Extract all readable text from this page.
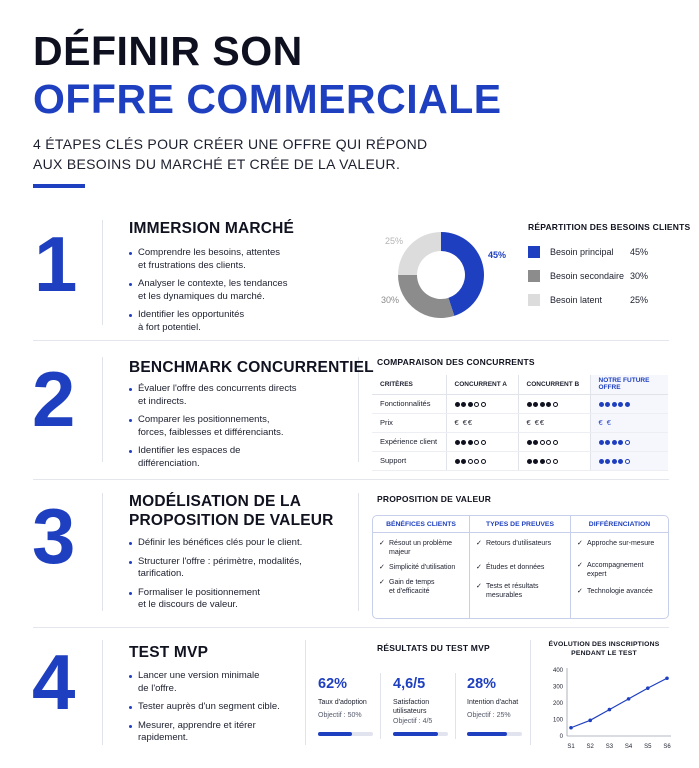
DÉFINIR SON
OFFRE COMMERCIALE
4 ÉTAPES CLÉS POUR CRÉER UNE OFFRE QUI RÉPOND
AUX BESOINS DU MARCHÉ ET CRÉE DE LA VALEUR.
1	IMMERSION MARCHÉ
Comprendre les besoins, attentes
et frustrations des clients.
Analyser le contexte, les tendances
et les dynamiques du marché.
Identifier les opportunités
à fort potentiel.
45%
30%
25%
RÉPARTITION DES BESOINS CLIENTS
Besoin principal 45%
Besoin secondaire 30%
Besoin latent	25%
2	BENCHMARK CONCURRENTIEL
Évaluer l'offre des concurrents directs
et indirects.
Comparer les positionnements,
forces, faiblesses et différenciants.
Identifier les espaces de
différenciation.
COMPARAISON DES CONCURRENTS
CRITÈRES	CONCURRENT A	CONCURRENT B	NOTRE FUTURE OFFRE
Fonctionnalités			
Prix	€ €€	€ €€	€ €
Expérience client			
Support			
3	MODÉLISATION DE LA
PROPOSITION DE VALEUR
Définir les bénéfices clés pour le client.
Structurer l'offre : périmètre, modalités,
tarification.
Formaliser le positionnement
et le discours de valeur.
PROPOSITION DE VALEUR
BÉNÉFICES CLIENTS
✓ Résout un problème
majeur
✓ Simplicité d'utilisation
✓ Gain de temps
et d'efficacité
TYPES DE PREUVES
✓ Retours d'utilisateurs
✓ Études et données
✓ Tests et résultats
mesurables
DIFFÉRENCIATION
✓ Approche sur-mesure
✓ Accompagnement
expert
✓ Technologie avancée
4	TEST MVP
Lancer une version minimale
de l'offre.
Tester auprès d'un segment cible.
Mesurer, apprendre et itérer
rapidement.
RÉSULTATS DU TEST MVP
62%
Taux d'adoption
Objectif : 50%
4,6/5
Satisfaction
utilisateurs
Objectif : 4/5
28%
Intention d'achat
Objectif : 25%
ÉVOLUTION DES INSCRIPTIONS
PENDANT LE TEST
0
100
200
300
400
S1 S2 S3 S4 S5 S6
